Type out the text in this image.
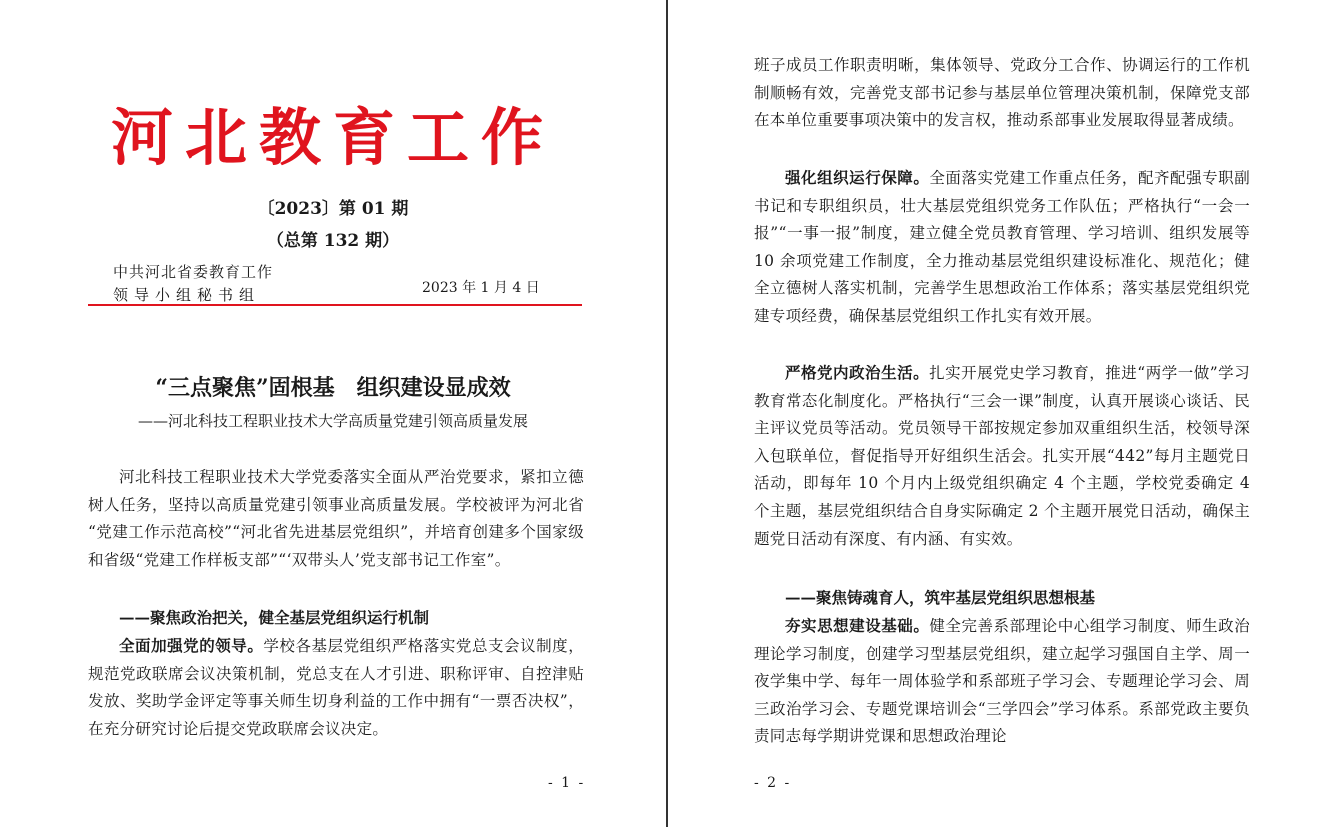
河北教育工作
〔2023〕第 01 期
（总第 132 期）
中共河北省委教育工作
领导小组秘书组	2023 年 1 月 4 日
“三点聚焦”固根基　组织建设显成效
——河北科技工程职业技术大学高质量党建引领高质量发展

河北科技工程职业技术大学党委落实全面从严治党要求，紧扣立德树人任务，坚持以高质量党建引领事业高质量发展。学校被评为河北省 “党建工作示范高校”“河北省先进基层党组织”，并培育创建多个国家级和省级“党建工作样板支部”“‘双带头人’党支部书记工作室”。

——聚焦政治把关，健全基层党组织运行机制

全面加强党的领导。学校各基层党组织严格落实党总支会议制度，规范党政联席会议决策机制，党总支在人才引进、职称评审、自控津贴发放、奖助学金评定等事关师生切身利益的工作中拥有“一票否决权”，在充分研究讨论后提交党政联席会议决定。

- 1 -

班子成员工作职责明晰，集体领导、党政分工合作、协调运行的工作机制顺畅有效，完善党支部书记参与基层单位管理决策机制，保障党支部在本单位重要事项决策中的发言权，推动系部事业发展取得显著成绩。

强化组织运行保障。全面落实党建工作重点任务，配齐配强专职副书记和专职组织员，壮大基层党组织党务工作队伍；严格执行“一会一报”“一事一报”制度，建立健全党员教育管理、学习培训、组织发展等 10 余项党建工作制度，全力推动基层党组织建设标准化、规范化；健全立德树人落实机制，完善学生思想政治工作体系；落实基层党组织党建专项经费，确保基层党组织工作扎实有效开展。

严格党内政治生活。扎实开展党史学习教育，推进“两学一做”学习教育常态化制度化。严格执行“三会一课”制度，认真开展谈心谈话、民主评议党员等活动。党员领导干部按规定参加双重组织生活，校领导深入包联单位，督促指导开好组织生活会。扎实开展“442”每月主题党日活动，即每年 10 个月内上级党组织确定 4 个主题，学校党委确定 4 个主题，基层党组织结合自身实际确定 2 个主题开展党日活动，确保主题党日活动有深度、有内涵、有实效。

——聚焦铸魂育人，筑牢基层党组织思想根基

夯实思想建设基础。健全完善系部理论中心组学习制度、师生政治理论学习制度，创建学习型基层党组织，建立起学习强国自主学、周一夜学集中学、每年一周体验学和系部班子学习会、专题理论学习会、周三政治学习会、专题党课培训会“三学四会”学习体系。系部党政主要负责同志每学期讲党课和思想政治理论

- 2 -
